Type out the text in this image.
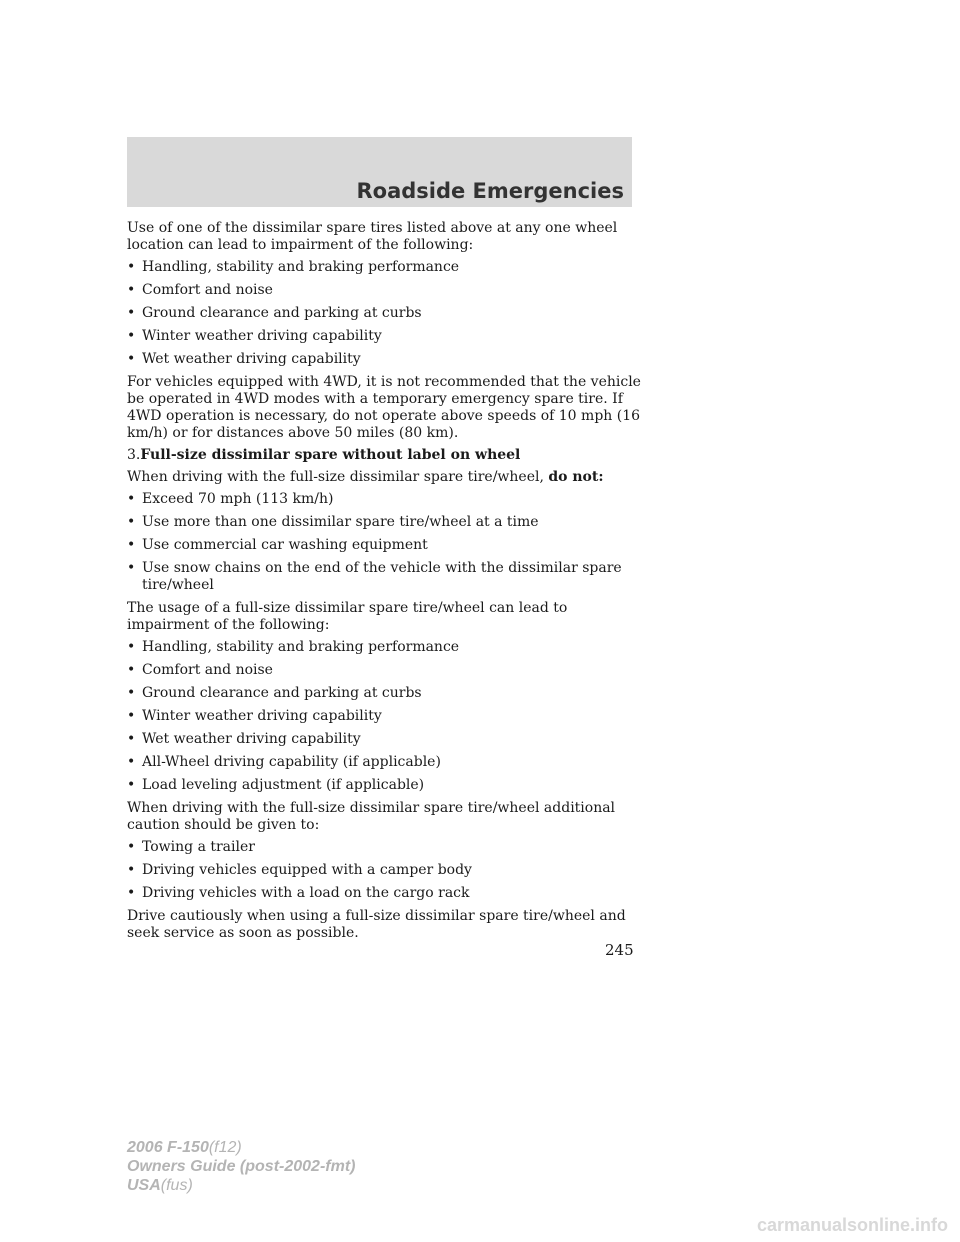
Roadside Emergencies

Use of one of the dissimilar spare tires listed above at any one wheel location can lead to impairment of the following:

• Handling, stability and braking performance
• Comfort and noise
• Ground clearance and parking at curbs
• Winter weather driving capability
• Wet weather driving capability

For vehicles equipped with 4WD, it is not recommended that the vehicle be operated in 4WD modes with a temporary emergency spare tire. If 4WD operation is necessary, do not operate above speeds of 10 mph (16 km/h) or for distances above 50 miles (80 km).

3.Full-size dissimilar spare without label on wheel

When driving with the full-size dissimilar spare tire/wheel, do not:

• Exceed 70 mph (113 km/h)
• Use more than one dissimilar spare tire/wheel at a time
• Use commercial car washing equipment
• Use snow chains on the end of the vehicle with the dissimilar spare tire/wheel

The usage of a full-size dissimilar spare tire/wheel can lead to impairment of the following:

• Handling, stability and braking performance
• Comfort and noise
• Ground clearance and parking at curbs
• Winter weather driving capability
• Wet weather driving capability
• All-Wheel driving capability (if applicable)
• Load leveling adjustment (if applicable)

When driving with the full-size dissimilar spare tire/wheel additional caution should be given to:

• Towing a trailer
• Driving vehicles equipped with a camper body
• Driving vehicles with a load on the cargo rack

Drive cautiously when using a full-size dissimilar spare tire/wheel and seek service as soon as possible.

245
2006 F-150(f12)
Owners Guide (post-2002-fmt)
USA(fus)
carmanualsonline.info
